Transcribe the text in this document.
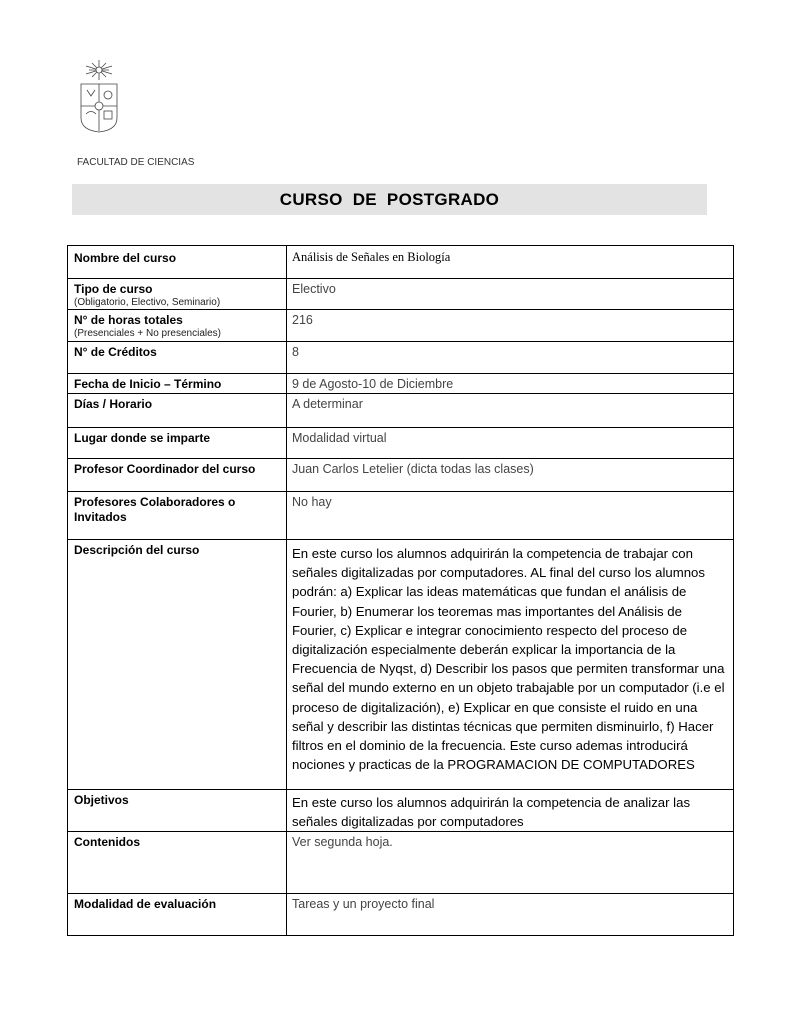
FACULTAD DE CIENCIAS
CURSO DE POSTGRADO
Nombre del curso	Análisis de Señales en Biología

Tipo de curso
(Obligatorio, Electivo, Seminario)	Electivo

N° de horas totales
(Presenciales + No presenciales)	216

N° de Créditos	8

Fecha de Inicio – Término	9 de Agosto-10 de Diciembre

Días / Horario	A determinar

Lugar donde se imparte	Modalidad virtual

Profesor Coordinador del curso	Juan Carlos Letelier (dicta todas las clases)

Profesores Colaboradores o Invitados	No hay

Descripción del curso	En este curso los alumnos adquirirán la competencia de trabajar con señales digitalizadas por computadores. AL final del curso los alumnos podrán: a) Explicar las ideas matemáticas que fundan el análisis de Fourier, b) Enumerar los teoremas mas importantes del Análisis de Fourier, c) Explicar e integrar conocimiento respecto del proceso de digitalización especialmente deberán explicar la importancia de la Frecuencia de Nyqst, d) Describir los pasos que permiten transformar una señal del mundo externo en un objeto trabajable por un computador (i.e el proceso de digitalización), e) Explicar en que consiste el ruido en una señal y describir las distintas técnicas que permiten disminuirlo, f) Hacer filtros en el dominio de la frecuencia. Este curso ademas introducirá nociones y practicas de la PROGRAMACION DE COMPUTADORES

Objetivos	En este curso los alumnos adquirirán la competencia de analizar las señales digitalizadas por computadores

Contenidos	Ver segunda hoja.

Modalidad de evaluación	Tareas y un proyecto final
